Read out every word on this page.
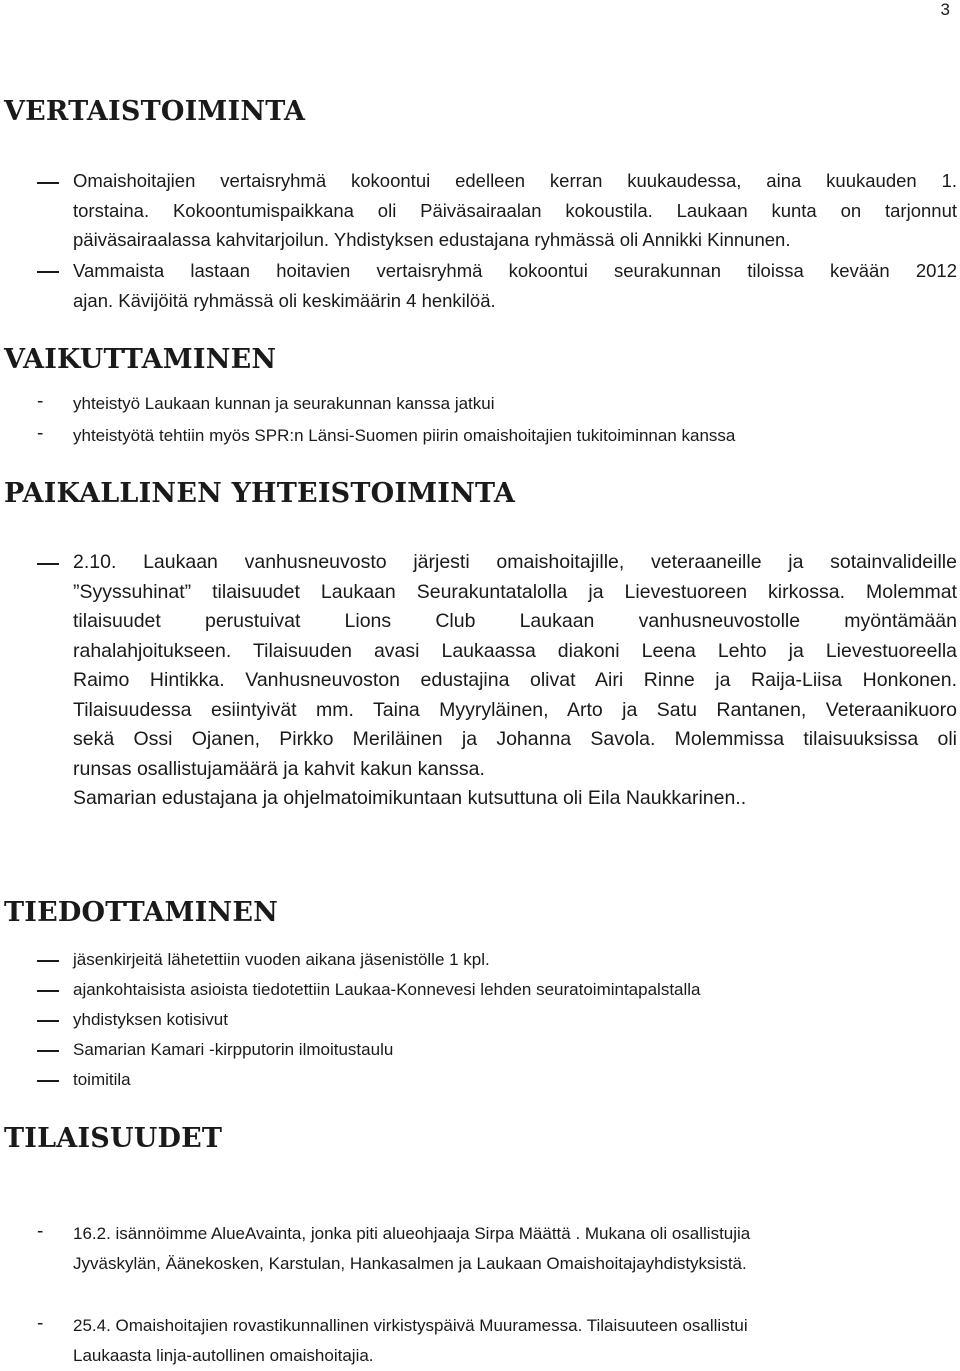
3
VERTAISTOIMINTA

Omaishoitajien vertaisryhmä kokoontui edelleen kerran kuukaudessa, aina kuukauden 1.
torstaina. Kokoontumispaikkana oli Päiväsairaalan kokoustila. Laukaan kunta on tarjonnut
päiväsairaalassa kahvitarjoilun. Yhdistyksen edustajana ryhmässä oli Annikki Kinnunen.

Vammaista lastaan hoitavien vertaisryhmä kokoontui seurakunnan tiloissa kevään 2012
ajan. Kävijöitä ryhmässä oli keskimäärin 4 henkilöä.

VAIKUTTAMINEN
- yhteistyö Laukaan kunnan ja seurakunnan kanssa jatkui

- yhteistyötä tehtiin myös SPR:n Länsi-Suomen piirin omaishoitajien tukitoiminnan kanssa

PAIKALLINEN YHTEISTOIMINTA

2.10. Laukaan vanhusneuvosto järjesti omaishoitajille, veteraaneille ja sotainvalideille
”Syyssuhinat” tilaisuudet Laukaan Seurakuntatalolla ja Lievestuoreen kirkossa. Molemmat
tilaisuudet perustuivat Lions Club Laukaan vanhusneuvostolle myöntämään
rahalahjoitukseen. Tilaisuuden avasi Laukaassa diakoni Leena Lehto ja Lievestuoreella
Raimo Hintikka. Vanhusneuvoston edustajina olivat Airi Rinne ja Raija-Liisa Honkonen.
Tilaisuudessa esiintyivät mm. Taina Myyryläinen, Arto ja Satu Rantanen, Veteraanikuoro
sekä Ossi Ojanen, Pirkko Meriläinen ja Johanna Savola. Molemmissa tilaisuuksissa oli
runsas osallistujamäärä ja kahvit kakun kanssa.
Samarian edustajana ja ohjelmatoimikuntaan kutsuttuna oli Eila Naukkarinen..

TIEDOTTAMINEN

jäsenkirjeitä lähetettiin vuoden aikana jäsenistölle 1 kpl.

ajankohtaisista asioista tiedotettiin Laukaa-Konnevesi lehden seuratoimintapalstalla

yhdistyksen kotisivut

Samarian Kamari -kirpputorin ilmoitustaulu

toimitila

TILAISUUDET
- 16.2. isännöimme AlueAvainta, jonka piti alueohjaaja Sirpa Määttä . Mukana oli osallistujia
Jyväskylän, Äänekosken, Karstulan, Hankasalmen ja Laukaan Omaishoitajayhdistyksistä.

- 25.4. Omaishoitajien rovastikunnallinen virkistyspäivä Muuramessa. Tilaisuuteen osallistui
Laukaasta linja-autollinen omaishoitajia.
